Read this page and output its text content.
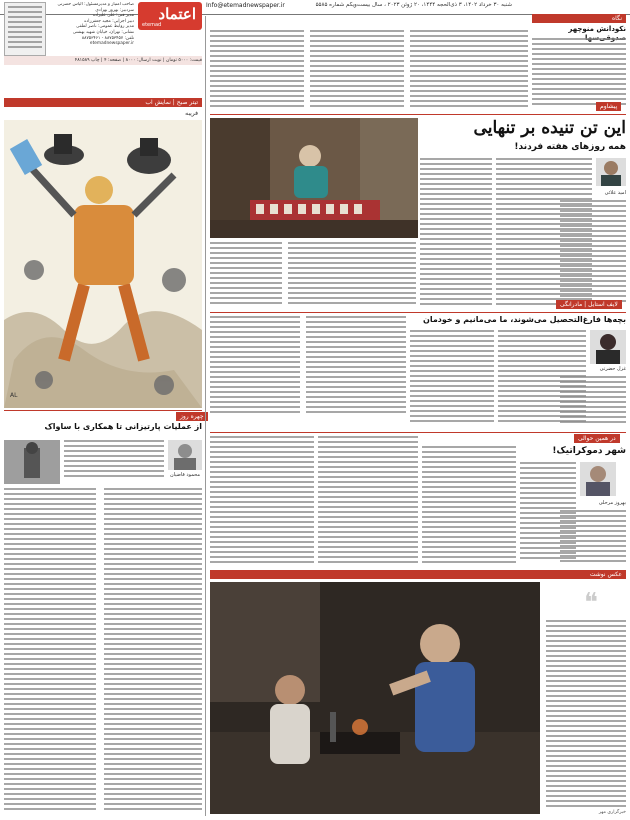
شنبه ۳۰ خرداد ۱۴۰۲، ۳ ذی‌الحجه ۱۴۴۴، ۲۰ ژوئن ۲۰۲۳ ، سال بیست‌ویکم شماره ۵۵۸۵
Info@etemadnewspaper.ir
اعتماد
etemad
صاحب امتیاز و مدیرمسئول: الیاس حضرتی
سردبیر: بهروز بهزادی
مدیر فنی: علی علیزاده
دبیر اجرایی: مجید جعفرزاده
مدیر روابط عمومی: ناصر لطفی
نشانی: تهران، خیابان شهید بهشتی
تلفن: ۸۸۷۵۳۴۵۷ - ۸۸۷۵۳۴۶۱
etemadnewspaper.ir
قیمت: ۵۰۰۰ تومان | نوبت ارسال: ۸۰۰۰ | صفحه: ۴ | چاپ ۴۸۱۵۸۹
تیتر صبح | نمایش اب
فریبه
AL
چهره روز
از عملیات پارتیزانی تا همکاری با ساواک
محمود قاضیان
نگاه
نکودانش منوچهر
پیشاوم
این تن تنیده بر تنهایی
همه روزهای هفته فردند!
امید علائی
لایف استایل | مادرانگی
بچه‌ها فارغ‌التحصیل می‌شوند، ما می‌مانیم و خودمان
غزل حضرتی
در همین حوالی
شهر دموکراتیک!
بهروز مرحلی
عکس نوشت
❝
خبرگزاری مهر
